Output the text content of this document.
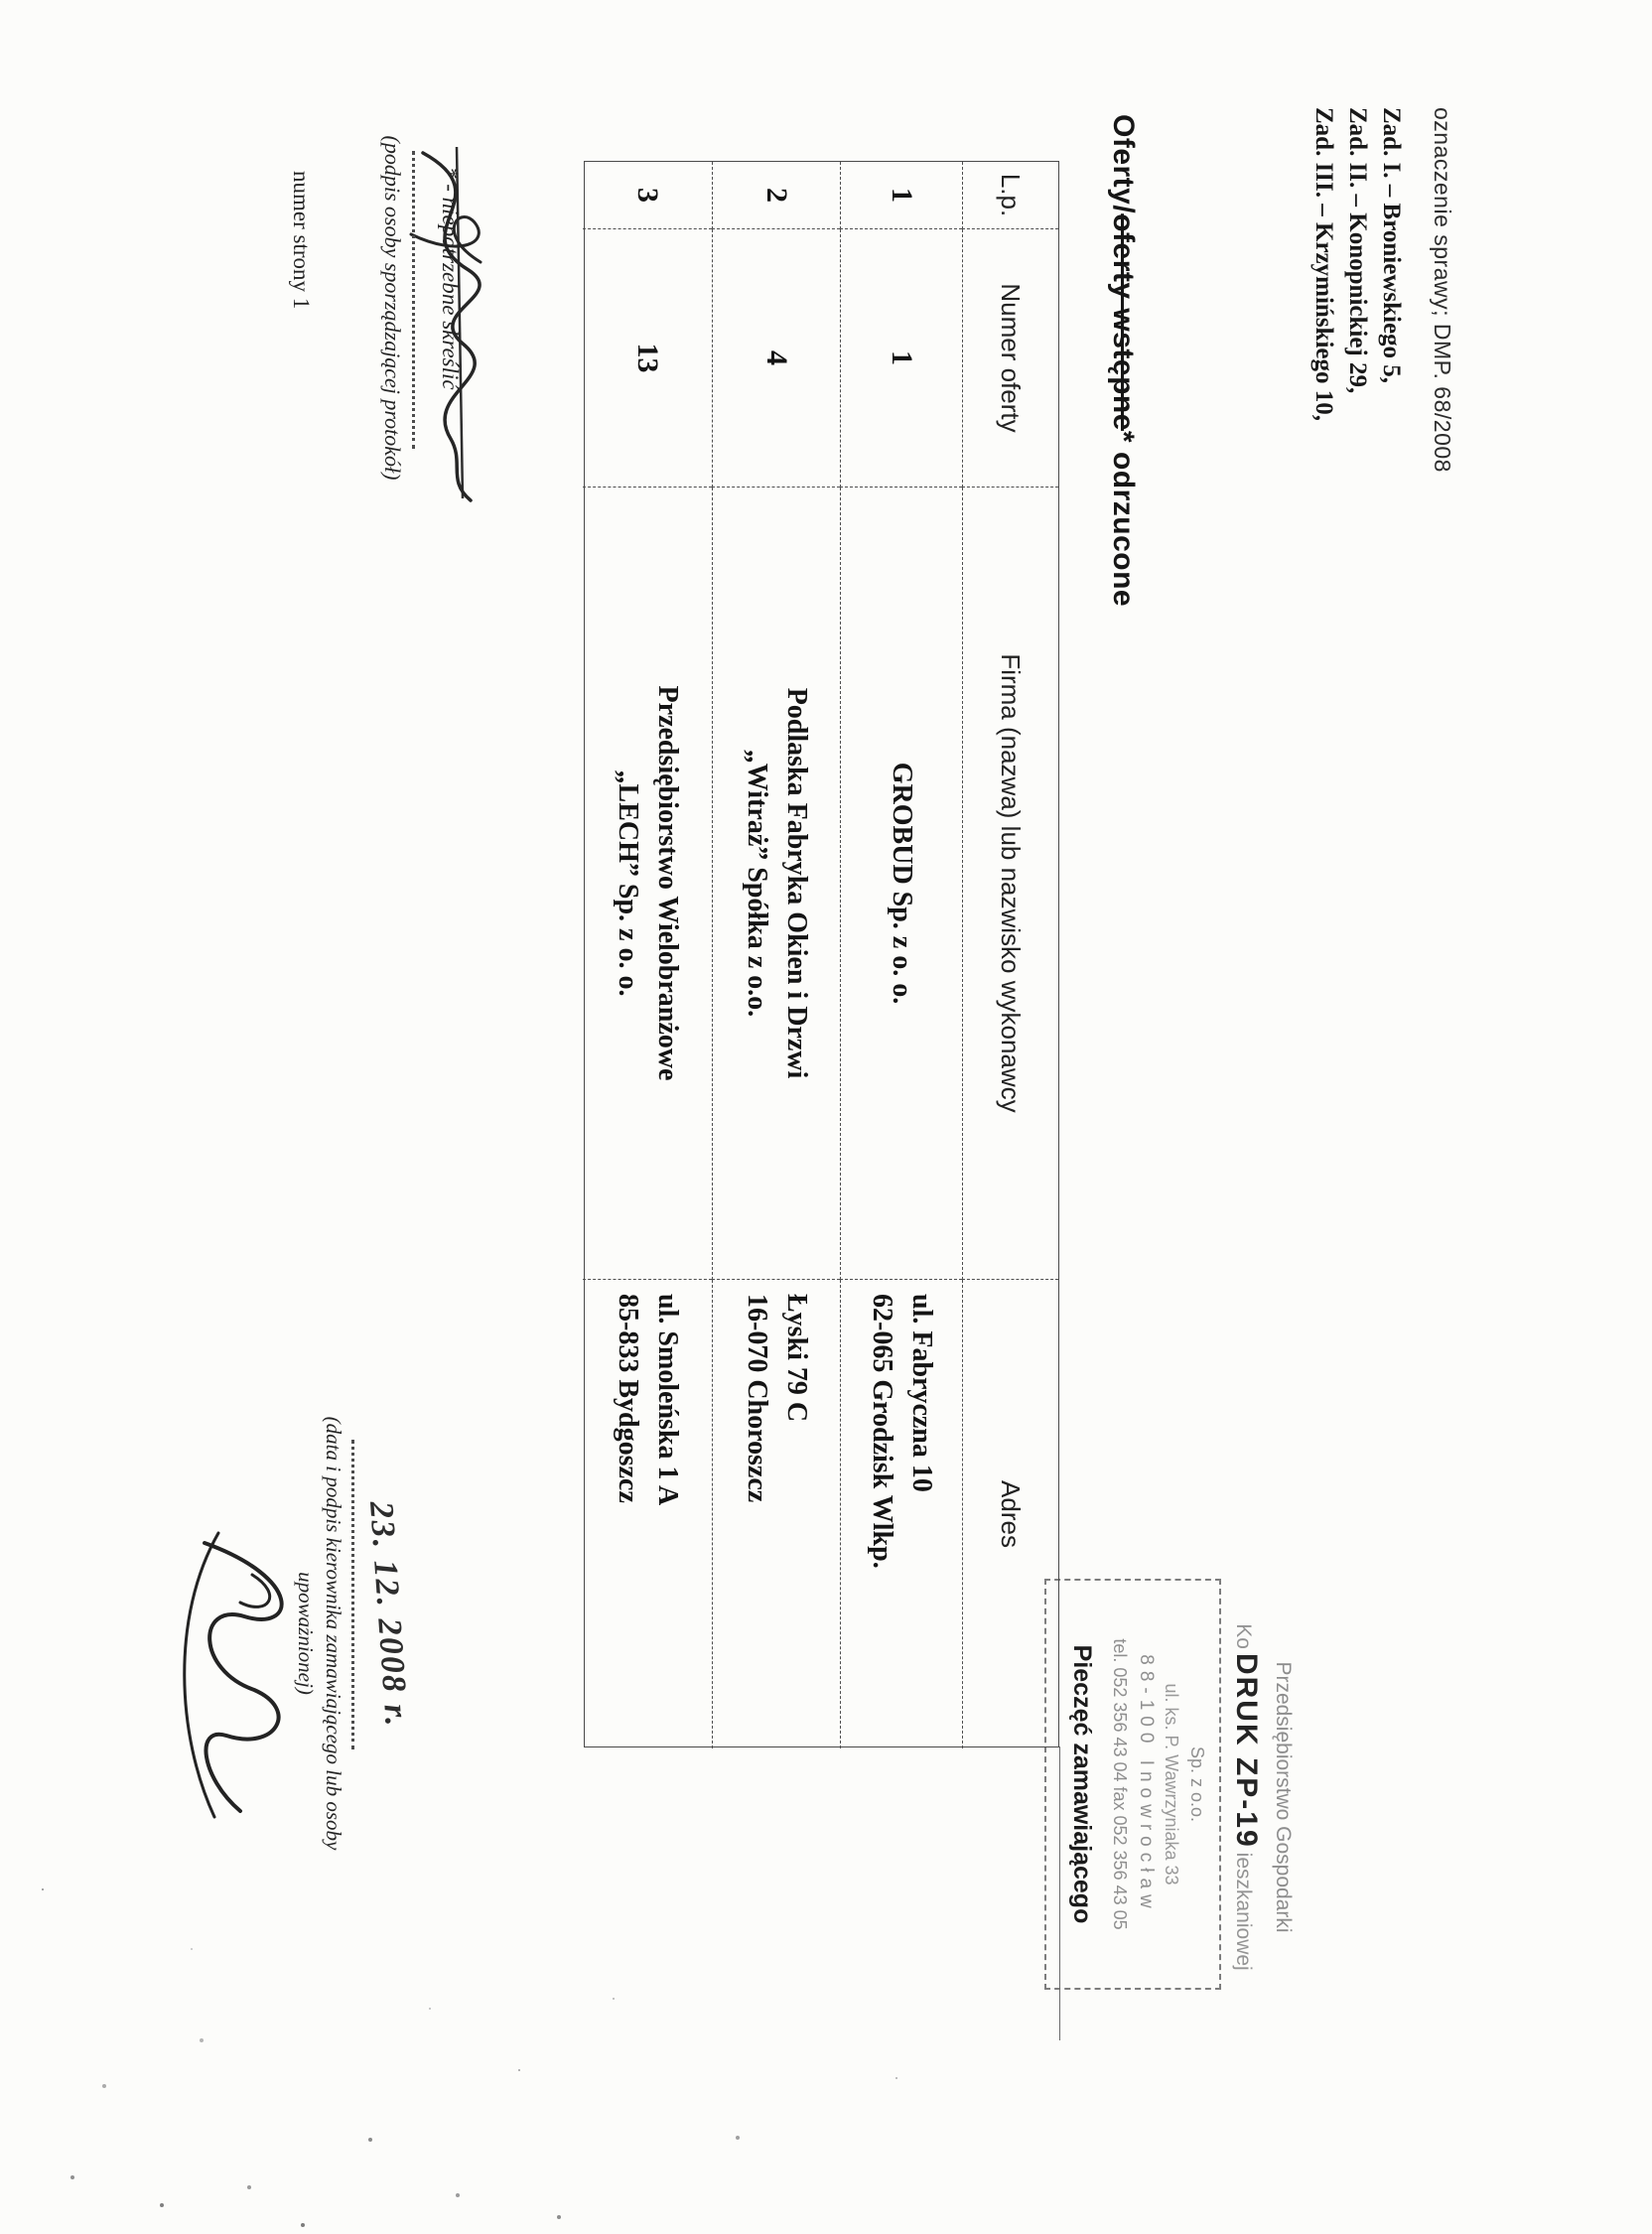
oznaczenie sprawy; DMP. 68/2008
Zad. I. – Broniewskiego 5,
Zad. II. – Konopnickiej 29,
Zad. III. – Krzymińskiego 10,
Przedsiębiorstwo Gospodarki
KoDRUK ZP-19ieszkaniowej
Sp. z o.o.
ul. ks. P. Wawrzyniaka 33
88-100 Inowrocław
tel. 052 356 43 04 fax 052 356 43 05
Pieczęć zamawiającego
Oferty/oferty wstępne* odrzucone
L.p.
Numer oferty
Firma (nazwa) lub nazwisko wykonawcy
Adres
1
1
GROBUD Sp. z o. o.
ul. Fabryczna 10
62-065 Grodzisk Wlkp.
2
4
Podlaska Fabryka Okien i Drzwi
„Witraż” Spółka z o.o.
Łyski 79 C
16-070 Choroszcz
3
13
Przedsiębiorstwo Wielobranżowe
„LECH” Sp. z o. o.
ul. Smoleńska 1 A
85-833 Bydgoszcz
* - niepotrzebne skreślić
(podpis osoby sporządzającej protokół)
numer strony 1
23. 12. 2008 r.
(data i podpis kierownika zamawiającego lub osoby
upoważnionej)
